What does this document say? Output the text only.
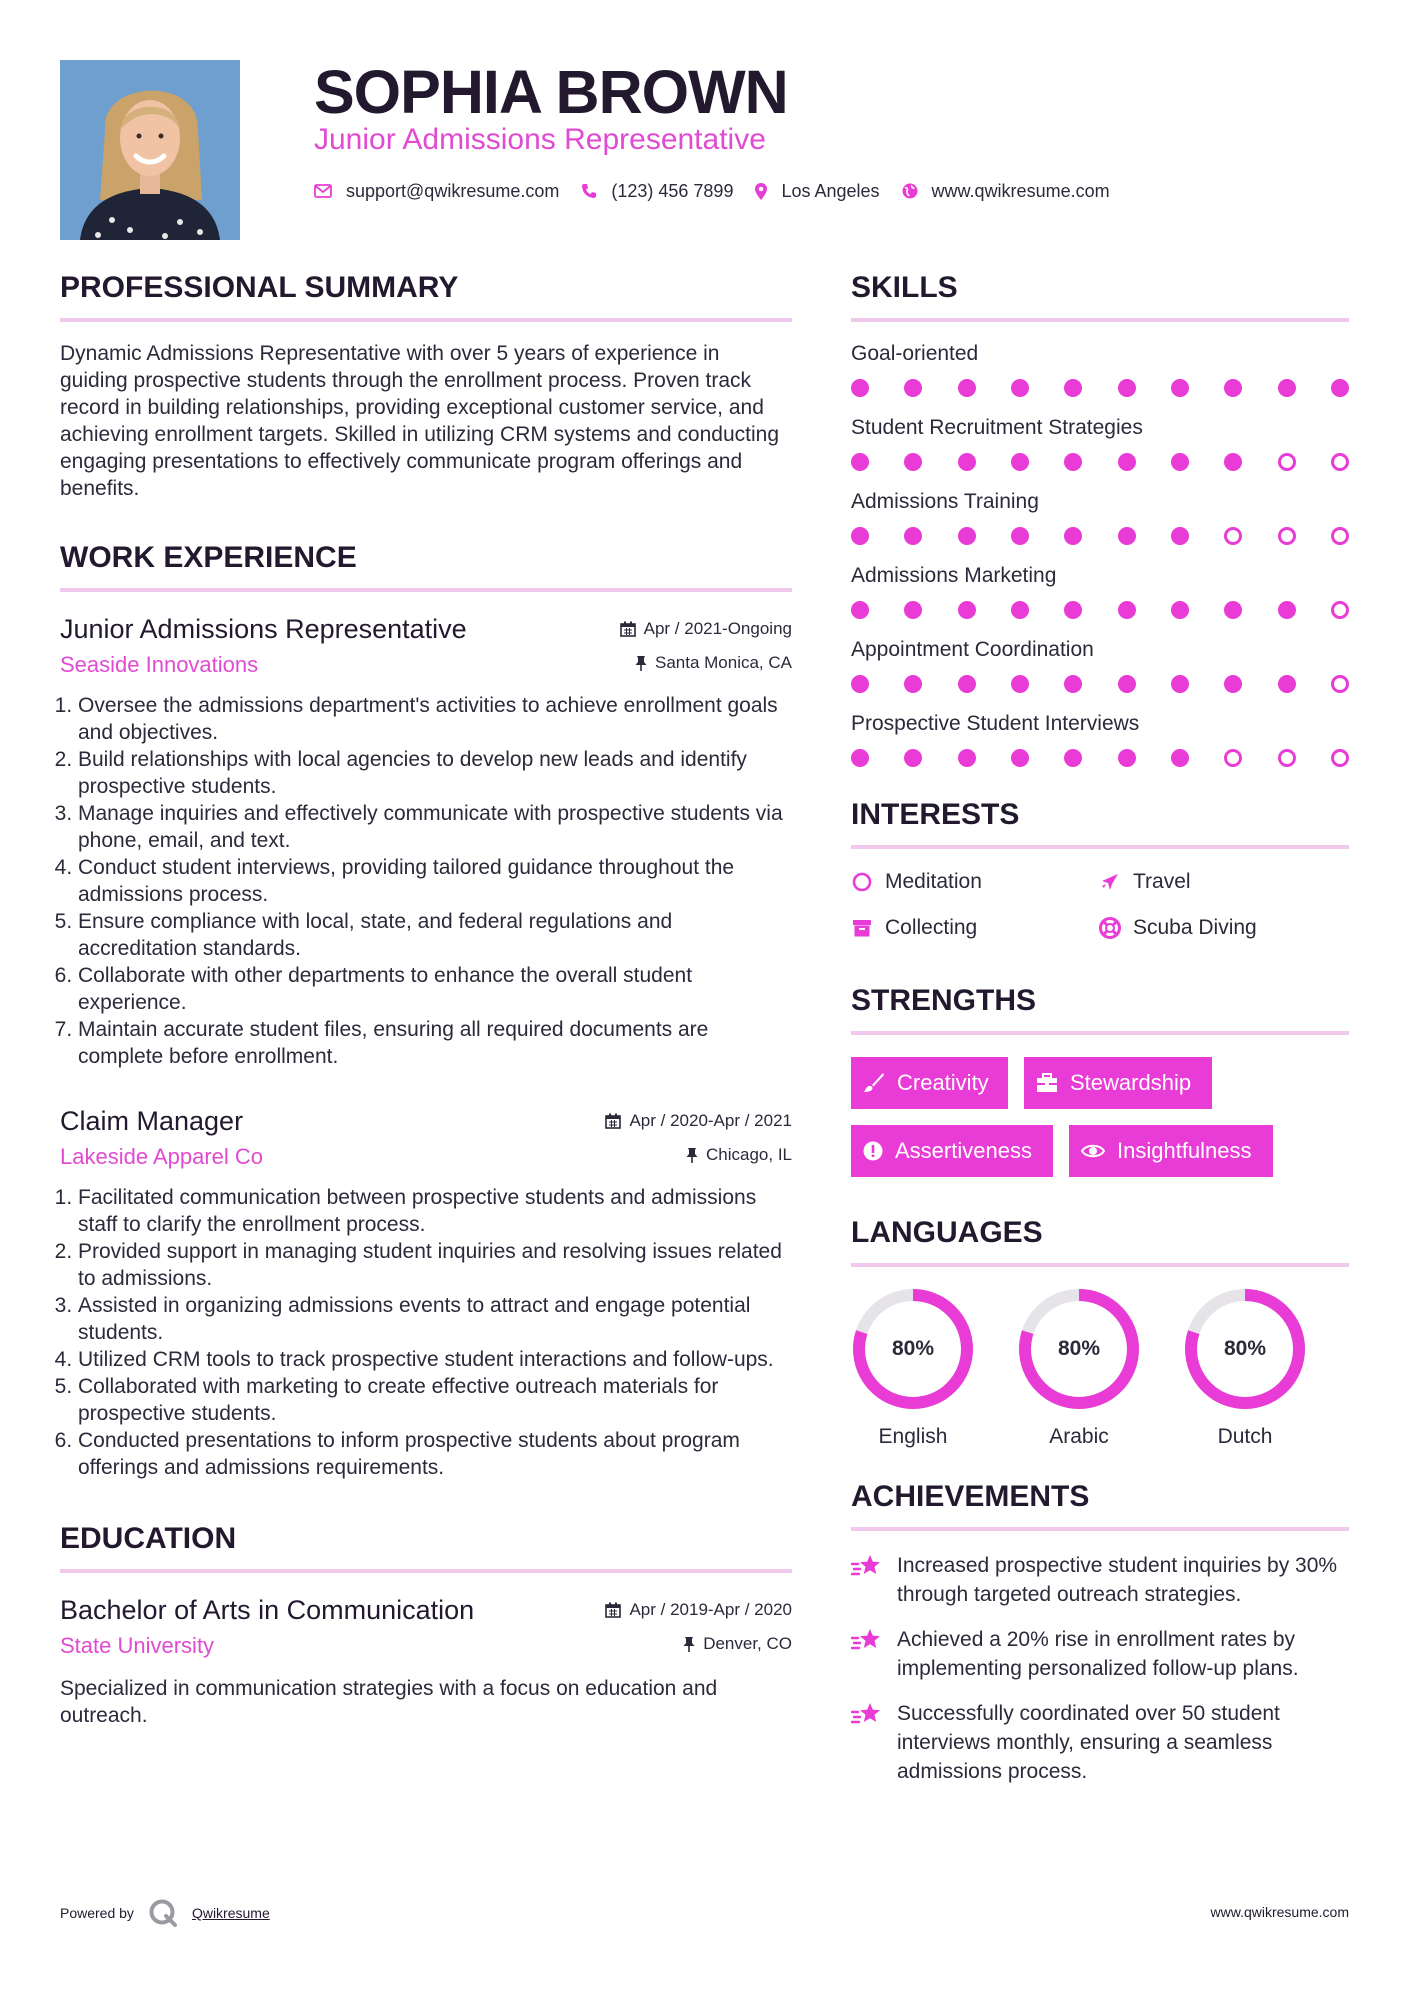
SOPHIA BROWN
Junior Admissions Representative
support@qwikresume.com	(123) 456 7899	Los Angeles	www.qwikresume.com
PROFESSIONAL SUMMARY

Dynamic Admissions Representative with over 5 years of experience in guiding prospective students through the enrollment process. Proven track record in building relationships, providing exceptional customer service, and achieving enrollment targets. Skilled in utilizing CRM systems and conducting engaging presentations to effectively communicate program offerings and benefits.

WORK EXPERIENCE
Junior Admissions Representative	Apr / 2021-Ongoing
Seaside Innovations	Santa Monica, CA
1. Oversee the admissions department's activities to achieve enrollment goals and objectives.
2. Build relationships with local agencies to develop new leads and identify prospective students.
3. Manage inquiries and effectively communicate with prospective students via phone, email, and text.
4. Conduct student interviews, providing tailored guidance throughout the admissions process.
5. Ensure compliance with local, state, and federal regulations and accreditation standards.
6. Collaborate with other departments to enhance the overall student experience.
7. Maintain accurate student files, ensuring all required documents are complete before enrollment.
Claim Manager	Apr / 2020-Apr / 2021
Lakeside Apparel Co	Chicago, IL
1. Facilitated communication between prospective students and admissions staff to clarify the enrollment process.
2. Provided support in managing student inquiries and resolving issues related to admissions.
3. Assisted in organizing admissions events to attract and engage potential students.
4. Utilized CRM tools to track prospective student interactions and follow-ups.
5. Collaborated with marketing to create effective outreach materials for prospective students.
6. Conducted presentations to inform prospective students about program offerings and admissions requirements.
EDUCATION
Bachelor of Arts in Communication	Apr / 2019-Apr / 2020
State University	Denver, CO
Specialized in communication strategies with a focus on education and outreach.
SKILLS
Goal-oriented
Student Recruitment Strategies
Admissions Training
Admissions Marketing
Appointment Coordination
Prospective Student Interviews
INTERESTS
Meditation	Travel
Collecting	Scuba Diving
STRENGTHS
Creativity	Stewardship
Assertiveness	Insightfulness
LANGUAGES
80%
English
80%
Arabic
80%
Dutch
ACHIEVEMENTS
Increased prospective student inquiries by 30% through targeted outreach strategies.
Achieved a 20% rise in enrollment rates by implementing personalized follow-up plans.
Successfully coordinated over 50 student interviews monthly, ensuring a seamless admissions process.
Powered by	Qwikresume	www.qwikresume.com
